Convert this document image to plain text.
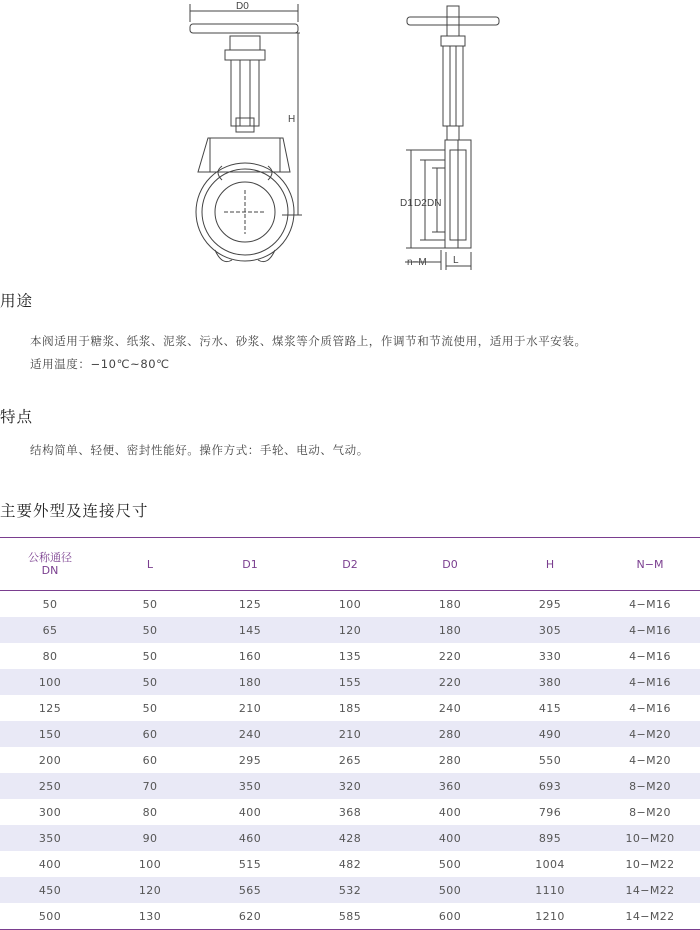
D0
H
D1 D2 DN
n−M	L
用途
本阀适用于糖浆、纸浆、泥浆、污水、砂浆、煤浆等介质管路上，作调节和节流使用，适用于水平安装。
适用温度：−10℃~80℃
特点
结构简单、轻便、密封性能好。操作方式：手轮、电动、气动。
主要外型及连接尺寸
公称通径
DN	L	D1	D2	D0	H	N−M
50	50	125	100	180	295	4−M16
65	50	145	120	180	305	4−M16
80	50	160	135	220	330	4−M16
100	50	180	155	220	380	4−M16
125	50	210	185	240	415	4−M16
150	60	240	210	280	490	4−M20
200	60	295	265	280	550	4−M20
250	70	350	320	360	693	8−M20
300	80	400	368	400	796	8−M20
350	90	460	428	400	895	10−M20
400	100	515	482	500	1004	10−M22
450	120	565	532	500	1110	14−M22
500	130	620	585	600	1210	14−M22
